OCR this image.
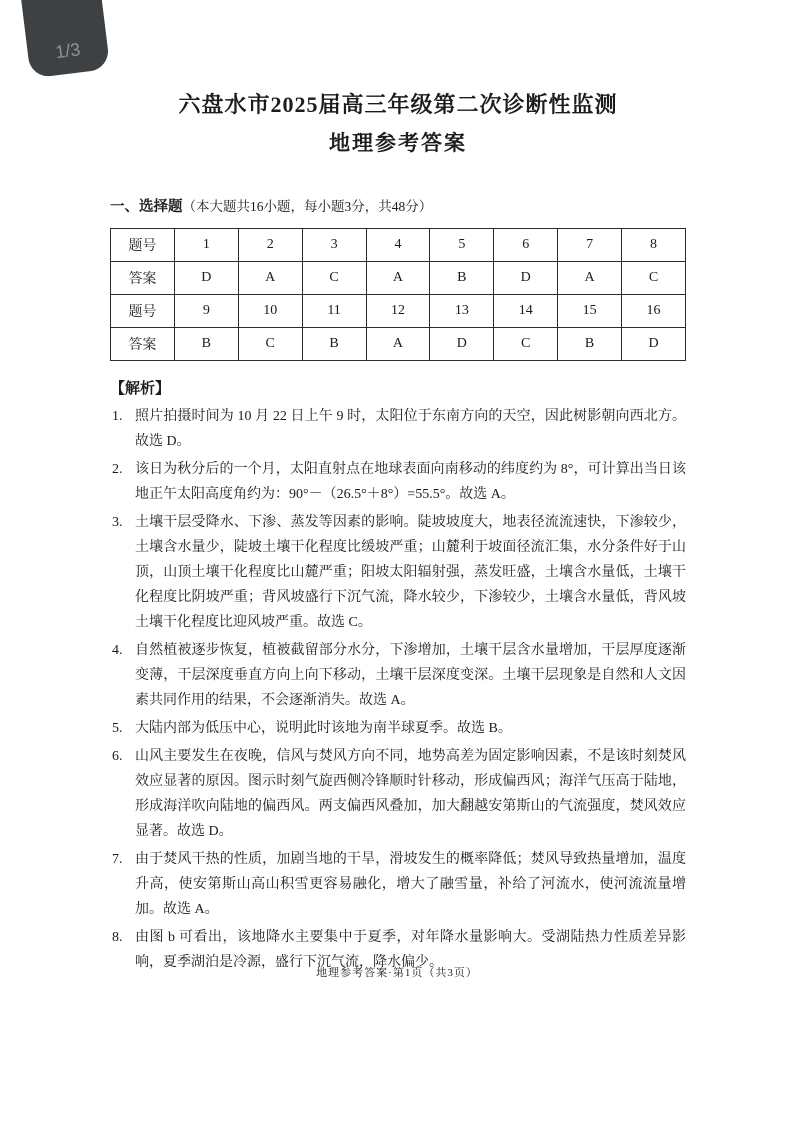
1/3
六盘水市2025届高三年级第二次诊断性监测
地理参考答案
一、选择题（本大题共16小题，每小题3分，共48分）
题号	1	2	3	4	5	6	7	8
答案	D	A	C	A	B	D	A	C
题号	9	10	11	12	13	14	15	16
答案	B	C	B	A	D	C	B	D
【解析】
1. 照片拍摄时间为 10 月 22 日上午 9 时，太阳位于东南方向的天空，因此树影朝向西北方。故选 D。
2. 该日为秋分后的一个月，太阳直射点在地球表面向南移动的纬度约为 8°，可计算出当日该地正午太阳高度角约为：90°－（26.5°＋8°）=55.5°。故选 A。
3. 土壤干层受降水、下渗、蒸发等因素的影响。陡坡坡度大，地表径流流速快，下渗较少，土壤含水量少，陡坡土壤干化程度比缓坡严重；山麓利于坡面径流汇集，水分条件好于山顶，山顶土壤干化程度比山麓严重；阳坡太阳辐射强，蒸发旺盛，土壤含水量低，土壤干化程度比阴坡严重；背风坡盛行下沉气流，降水较少，下渗较少，土壤含水量低，背风坡土壤干化程度比迎风坡严重。故选 C。
4. 自然植被逐步恢复，植被截留部分水分，下渗增加，土壤干层含水量增加，干层厚度逐渐变薄，干层深度垂直方向上向下移动，土壤干层深度变深。土壤干层现象是自然和人文因素共同作用的结果，不会逐渐消失。故选 A。
5. 大陆内部为低压中心，说明此时该地为南半球夏季。故选 B。
6. 山风主要发生在夜晚，信风与焚风方向不同，地势高差为固定影响因素，不是该时刻焚风效应显著的原因。图示时刻气旋西侧冷锋顺时针移动，形成偏西风；海洋气压高于陆地，形成海洋吹向陆地的偏西风。两支偏西风叠加，加大翻越安第斯山的气流强度，焚风效应显著。故选 D。
7. 由于焚风干热的性质，加剧当地的干旱，滑坡发生的概率降低；焚风导致热量增加，温度升高，使安第斯山高山积雪更容易融化，增大了融雪量，补给了河流水，使河流流量增加。故选 A。
8. 由图 b 可看出，该地降水主要集中于夏季，对年降水量影响大。受湖陆热力性质差异影响，夏季湖泊是冷源，盛行下沉气流，降水偏少。
地理参考答案·第1页（共3页）
